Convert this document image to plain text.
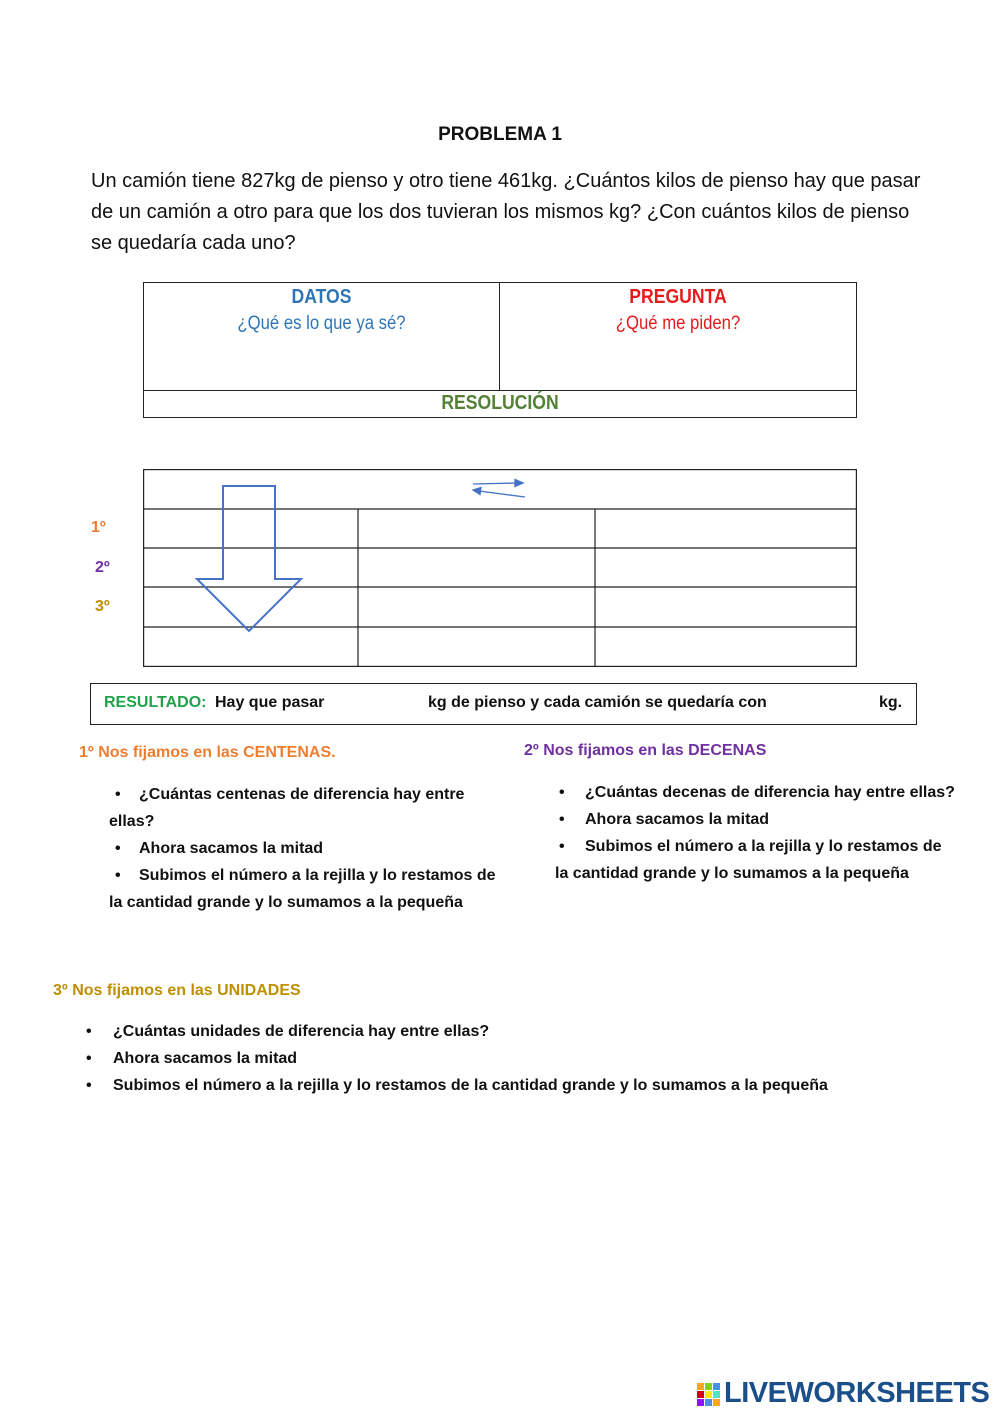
PROBLEMA 1
Un camión tiene 827kg de pienso y otro tiene 461kg. ¿Cuántos kilos de pienso hay que pasar de un camión a otro para que los dos tuvieran los mismos kg? ¿Con cuántos kilos de pienso se quedaría cada uno?
DATOS
¿Qué es lo que ya sé?
PREGUNTA
¿Qué me piden?
RESOLUCIÓN
1º
2º
3º
RESULTADO: Hay que pasar	kg de pienso y cada camión se quedaría con	kg.
1º Nos fijamos en las CENTENAS.
• ¿Cuántas centenas de diferencia hay entre ellas?
• Ahora sacamos la mitad
• Subimos el número a la rejilla y lo restamos de la cantidad grande y lo sumamos a la pequeña
2º Nos fijamos en las DECENAS
• ¿Cuántas decenas de diferencia hay entre ellas?
• Ahora sacamos la mitad
• Subimos el número a la rejilla y lo restamos de la cantidad grande y lo sumamos a la pequeña
3º Nos fijamos en las UNIDADES
• ¿Cuántas unidades de diferencia hay entre ellas?
• Ahora sacamos la mitad
• Subimos el número a la rejilla y lo restamos de la cantidad grande y lo sumamos a la pequeña
LIVEWORKSHEETS
